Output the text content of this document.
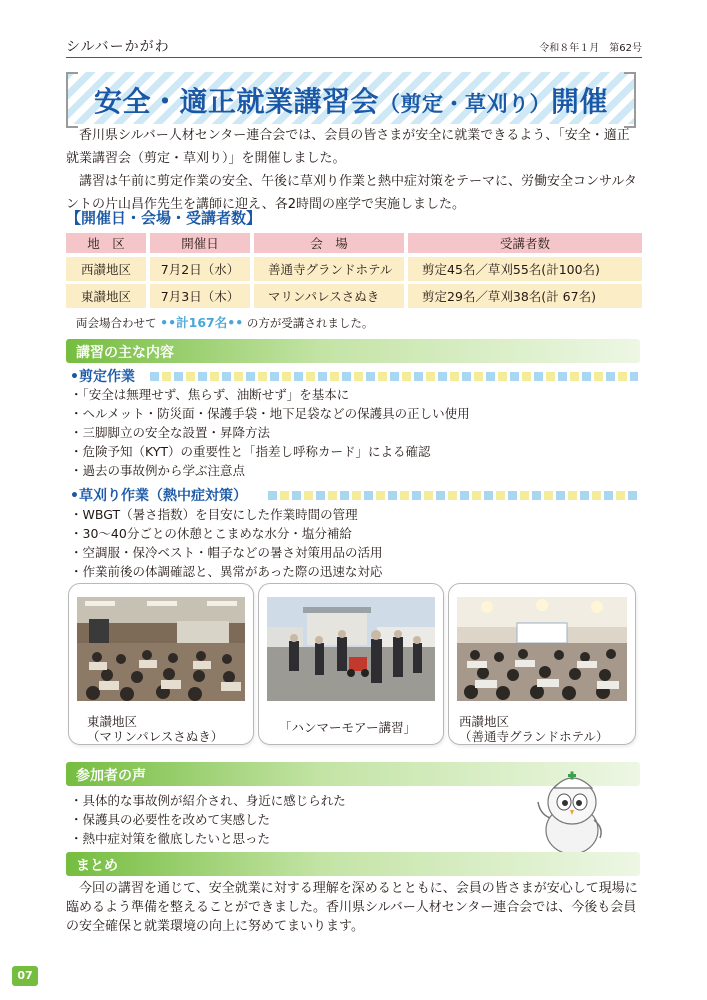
シルバーかがわ	令和８年１月　第62号
安全・適正就業講習会（剪定・草刈り）開催

香川県シルバー人材センター連合会では、会員の皆さまが安全に就業できるよう、「安全・適正就業講習会（剪定・草刈り）」を開催しました。

講習は午前に剪定作業の安全、午後に草刈り作業と熱中症対策をテーマに、労働安全コンサルタントの片山昌作先生を講師に迎え、各2時間の座学で実施しました。

【開催日・会場・受講者数】
地　区	開催日	会　場	受講者数
西讃地区	7月2日（水）	善通寺グランドホテル	剪定45名／草刈55名(計100名)
東讃地区	7月3日（木）	マリンパレスさぬき	剪定29名／草刈38名(計 67名)
両会場合わせて ••計167名•• の方が受講されました。
講習の主な内容
•剪定作業
・ 「安全は無理せず、焦らず、油断せず」を基本に
・ ヘルメット・防災面・保護手袋・地下足袋などの保護具の正しい使用
・ 三脚脚立の安全な設置・昇降方法
・ 危険予知（KYT）の重要性と「指差し呼称カード」による確認
・ 過去の事故例から学ぶ注意点
•草刈り作業（熱中症対策）
・ WBGT（暑さ指数）を目安にした作業時間の管理
・ 30～40分ごとの休憩とこまめな水分・塩分補給
・ 空調服・保冷ベスト・帽子などの暑さ対策用品の活用
・ 作業前後の体調確認と、異常があった際の迅速な対応
東讃地区
（マリンパレスさぬき）
「ハンマーモアー講習」	西讃地区
（善通寺グランドホテル）
参加者の声
・ 具体的な事故例が紹介され、身近に感じられた
・ 保護具の必要性を改めて実感した
・ 熱中症対策を徹底したいと思った
まとめ

今回の講習を通じて、安全就業に対する理解を深めるとともに、会員の皆さまが安心して現場に臨めるよう準備を整えることができました。香川県シルバー人材センター連合会では、今後も会員の安全確保と就業環境の向上に努めてまいります。

07
